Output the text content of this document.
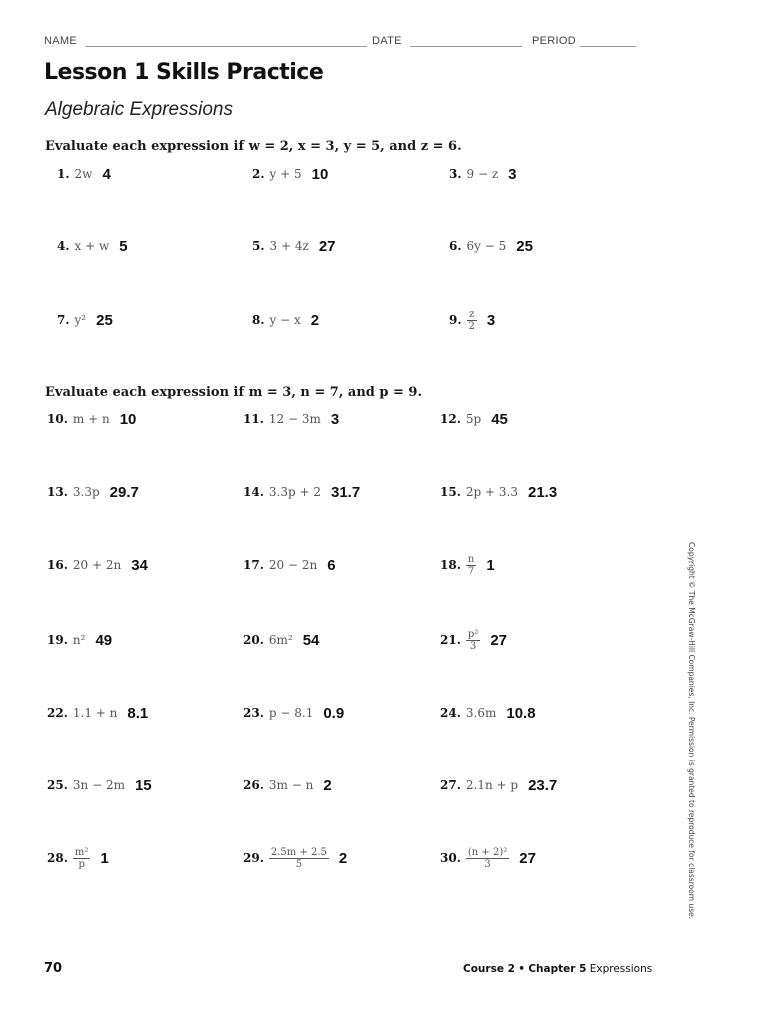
NAME	DATE	PERIOD
Lesson 1 Skills Practice
Algebraic Expressions
Evaluate each expression if w = 2, x = 3, y = 5, and z = 6.
1. 2w 4	2. y + 5 10	3. 9 − z 3
4. x + w 5	5. 3 + 4z 27	6. 6y − 5 25
7. y² 25	8. y − x 2	9. $\frac{z}{2} 3$
10. m + n 10	11. 12 − 3m 3	12. 5p 45
13. 3.3p 29.7	14. 3.3p + 2 31.7	15. 2p + 3.3 21.3
16. 20 + 2n 34	17. 20 − 2n 6	18. $\frac{n}{7} 1$
19. n² 49	20. 6m² 54	21. $\frac{\text{p²}}{3} 27$
22. 1.1 + n 8.1	23. p − 8.1 0.9	24. 3.6m 10.8
25. 3n − 2m 15	26. 3m − n 2	27. 2.1n + p 23.7
28. $\frac{\text{m²}}{p} 1$	29. $\frac{2.5m + 2.5}{5} 2$	30. $\frac{\text{(n + 2)²}}{3} 27$
Evaluate each expression if m = 3, n = 7, and p = 9.
Copyright © The McGraw-Hill Companies, Inc. Permission is granted to reproduce for classroom use.
70	Course 2 • Chapter 5 Expressions
